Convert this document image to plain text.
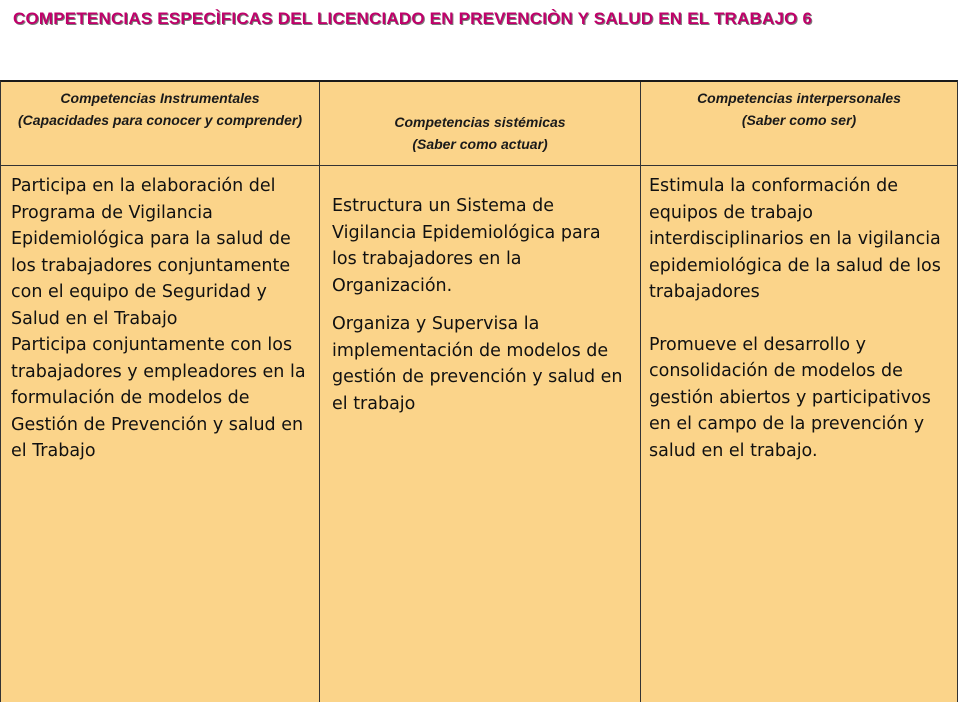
COMPETENCIAS ESPECÌFICAS DEL LICENCIADO EN PREVENCIÒN Y SALUD EN EL TRABAJO 6
Competencias Instrumentales
(Capacidades para conocer y comprender)
Participa en la elaboración del Programa de Vigilancia Epidemiológica para la salud de los trabajadores conjuntamente con el equipo de Seguridad y Salud en el Trabajo
Participa conjuntamente con los trabajadores y empleadores en la formulación de modelos de Gestión de Prevención y salud en el Trabajo
Competencias sistémicas
(Saber como actuar)
Estructura un Sistema de Vigilancia Epidemiológica para los trabajadores en la Organización.
Organiza y Supervisa la implementación de modelos de gestión de prevención y salud en el trabajo
Competencias interpersonales
(Saber como ser)
Estimula la conformación de equipos de trabajo interdisciplinarios en la vigilancia epidemiológica de la salud de los trabajadores
Promueve el desarrollo y consolidación de modelos de gestión abiertos y participativos en el campo de la prevención y salud en el trabajo.
